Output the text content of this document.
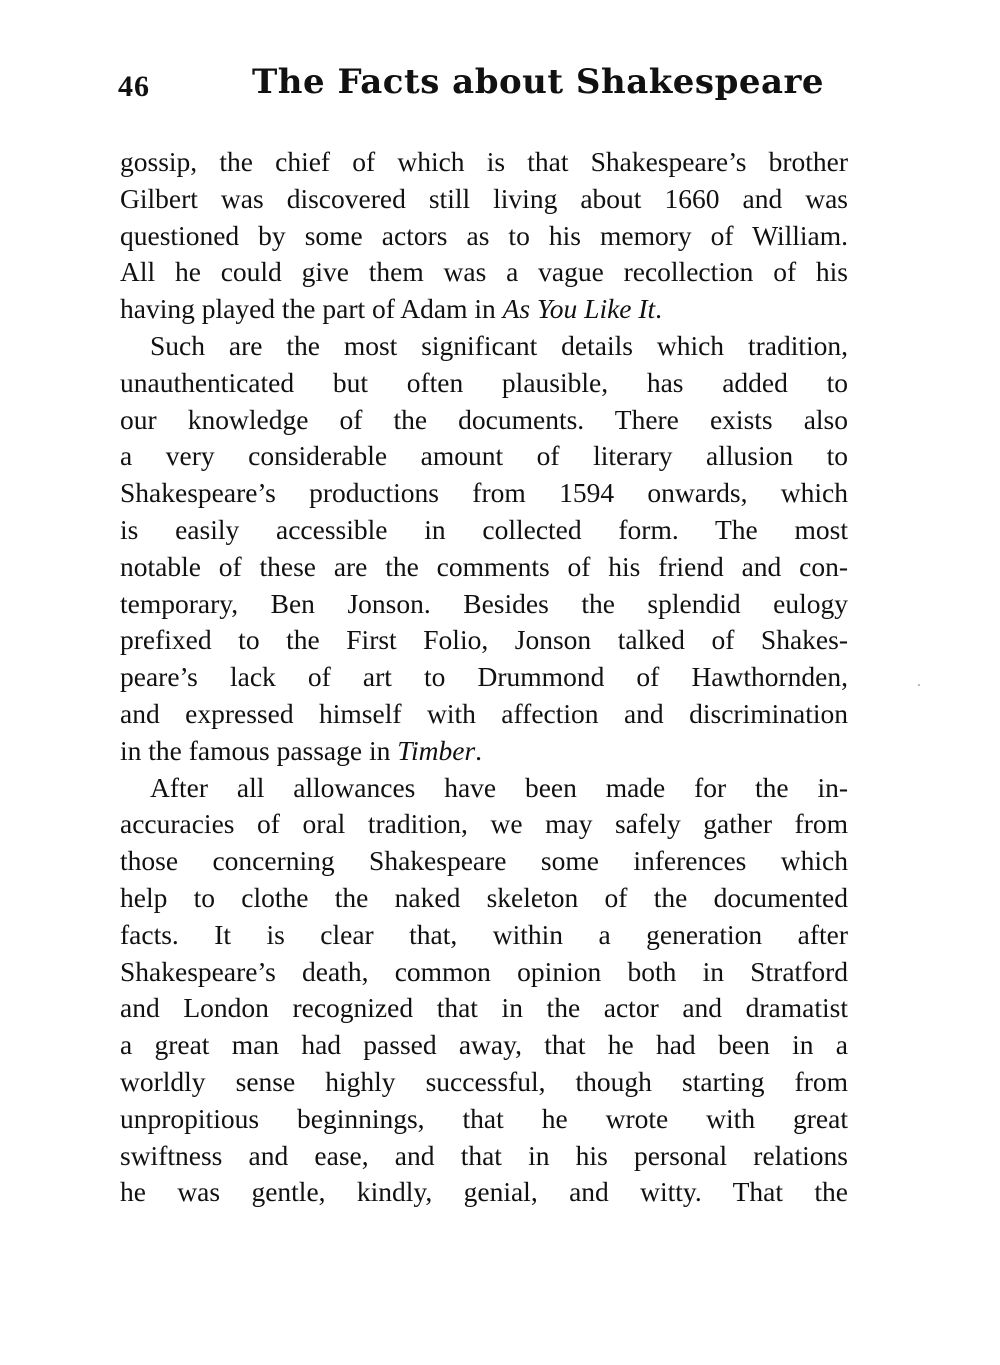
46	The Facts about Shakespeare
gossip, the chief of which is that Shakespeare’s brother
Gilbert was discovered still living about 1660 and was
questioned by some actors as to his memory of William.
All he could give them was a vague recollection of his
having played the part of Adam in As You Like It.
Such are the most significant details which tradition,
unauthenticated but often plausible, has added to
our knowledge of the documents. There exists also
a very considerable amount of literary allusion to
Shakespeare’s productions from 1594 onwards, which
is easily accessible in collected form. The most
notable of these are the comments of his friend and con-
temporary, Ben Jonson. Besides the splendid eulogy
prefixed to the First Folio, Jonson talked of Shakes-
peare’s lack of art to Drummond of Hawthornden,
and expressed himself with affection and discrimination
in the famous passage in Timber.
After all allowances have been made for the in-
accuracies of oral tradition, we may safely gather from
those concerning Shakespeare some inferences which
help to clothe the naked skeleton of the documented
facts. It is clear that, within a generation after
Shakespeare’s death, common opinion both in Stratford
and London recognized that in the actor and dramatist
a great man had passed away, that he had been in a
worldly sense highly successful, though starting from
unpropitious beginnings, that he wrote with great
swiftness and ease, and that in his personal relations
he was gentle, kindly, genial, and witty. That the
